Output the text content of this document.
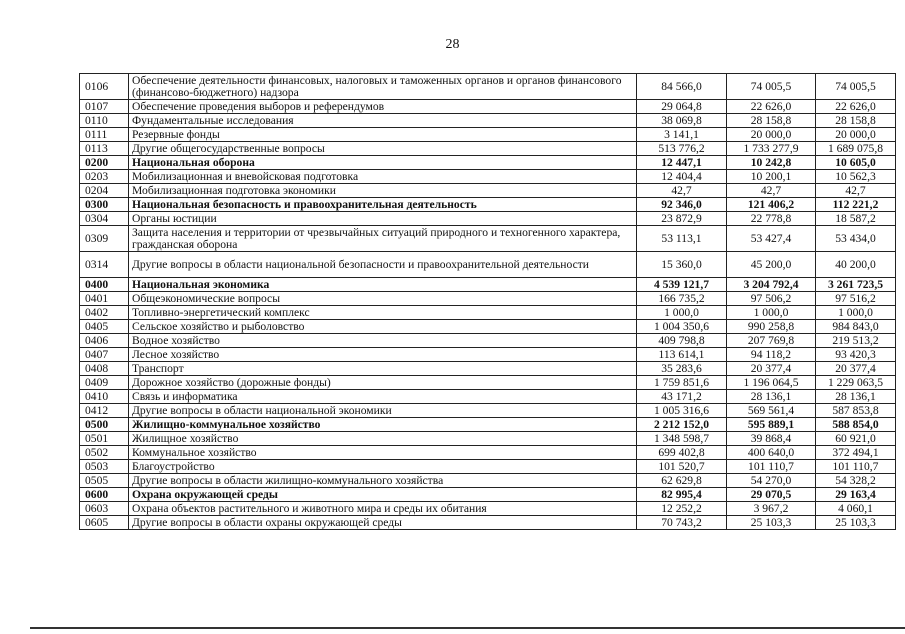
28
0106	Обеспечение деятельности финансовых, налоговых и таможенных органов и органов финансового (финансово-бюджетного) надзора	84 566,0	74 005,5	74 005,5
0107	Обеспечение проведения выборов и референдумов	29 064,8	22 626,0	22 626,0
0110	Фундаментальные исследования	38 069,8	28 158,8	28 158,8
0111	Резервные фонды	3 141,1	20 000,0	20 000,0
0113	Другие общегосударственные вопросы	513 776,2	1 733 277,9	1 689 075,8
0200	Национальная оборона	12 447,1	10 242,8	10 605,0
0203	Мобилизационная и вневойсковая подготовка	12 404,4	10 200,1	10 562,3
0204	Мобилизационная подготовка экономики	42,7	42,7	42,7
0300	Национальная безопасность и правоохранительная деятельность	92 346,0	121 406,2	112 221,2
0304	Органы юстиции	23 872,9	22 778,8	18 587,2
0309	Защита населения и территории от чрезвычайных ситуаций природного и техногенного характера, гражданская оборона	53 113,1	53 427,4	53 434,0
0314	Другие вопросы в области национальной безопасности и правоохранительной деятельности	15 360,0	45 200,0	40 200,0
0400	Национальная экономика	4 539 121,7	3 204 792,4	3 261 723,5
0401	Общеэкономические вопросы	166 735,2	97 506,2	97 516,2
0402	Топливно-энергетический комплекс	1 000,0	1 000,0	1 000,0
0405	Сельское хозяйство и рыболовство	1 004 350,6	990 258,8	984 843,0
0406	Водное хозяйство	409 798,8	207 769,8	219 513,2
0407	Лесное хозяйство	113 614,1	94 118,2	93 420,3
0408	Транспорт	35 283,6	20 377,4	20 377,4
0409	Дорожное хозяйство (дорожные фонды)	1 759 851,6	1 196 064,5	1 229 063,5
0410	Связь и информатика	43 171,2	28 136,1	28 136,1
0412	Другие вопросы в области национальной экономики	1 005 316,6	569 561,4	587 853,8
0500	Жилищно-коммунальное хозяйство	2 212 152,0	595 889,1	588 854,0
0501	Жилищное хозяйство	1 348 598,7	39 868,4	60 921,0
0502	Коммунальное хозяйство	699 402,8	400 640,0	372 494,1
0503	Благоустройство	101 520,7	101 110,7	101 110,7
0505	Другие вопросы в области жилищно-коммунального хозяйства	62 629,8	54 270,0	54 328,2
0600	Охрана окружающей среды	82 995,4	29 070,5	29 163,4
0603	Охрана объектов растительного и животного мира и среды их обитания	12 252,2	3 967,2	4 060,1
0605	Другие вопросы в области охраны окружающей среды	70 743,2	25 103,3	25 103,3
